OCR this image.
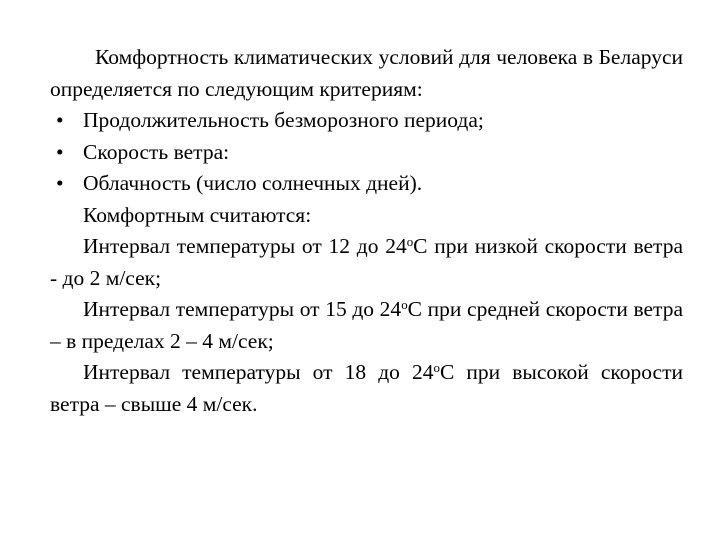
Комфортность климатических условий для человека в Беларуси определяется по следующим критериям:

• Продолжительность безморозного периода;
• Скорость ветра:
• Облачность (число солнечных дней).

Комфортным считаются:

Интервал температуры от 12 до $24^оС$ при низкой скорости ветра - до 2 м/сек;

Интервал температуры от 15 до $24^оС$ при средней скорости ветра – в пределах 2 – 4 м/сек;

Интервал температуры от 18 до $24^оС$ при высокой скорости ветра – свыше 4 м/сек.
